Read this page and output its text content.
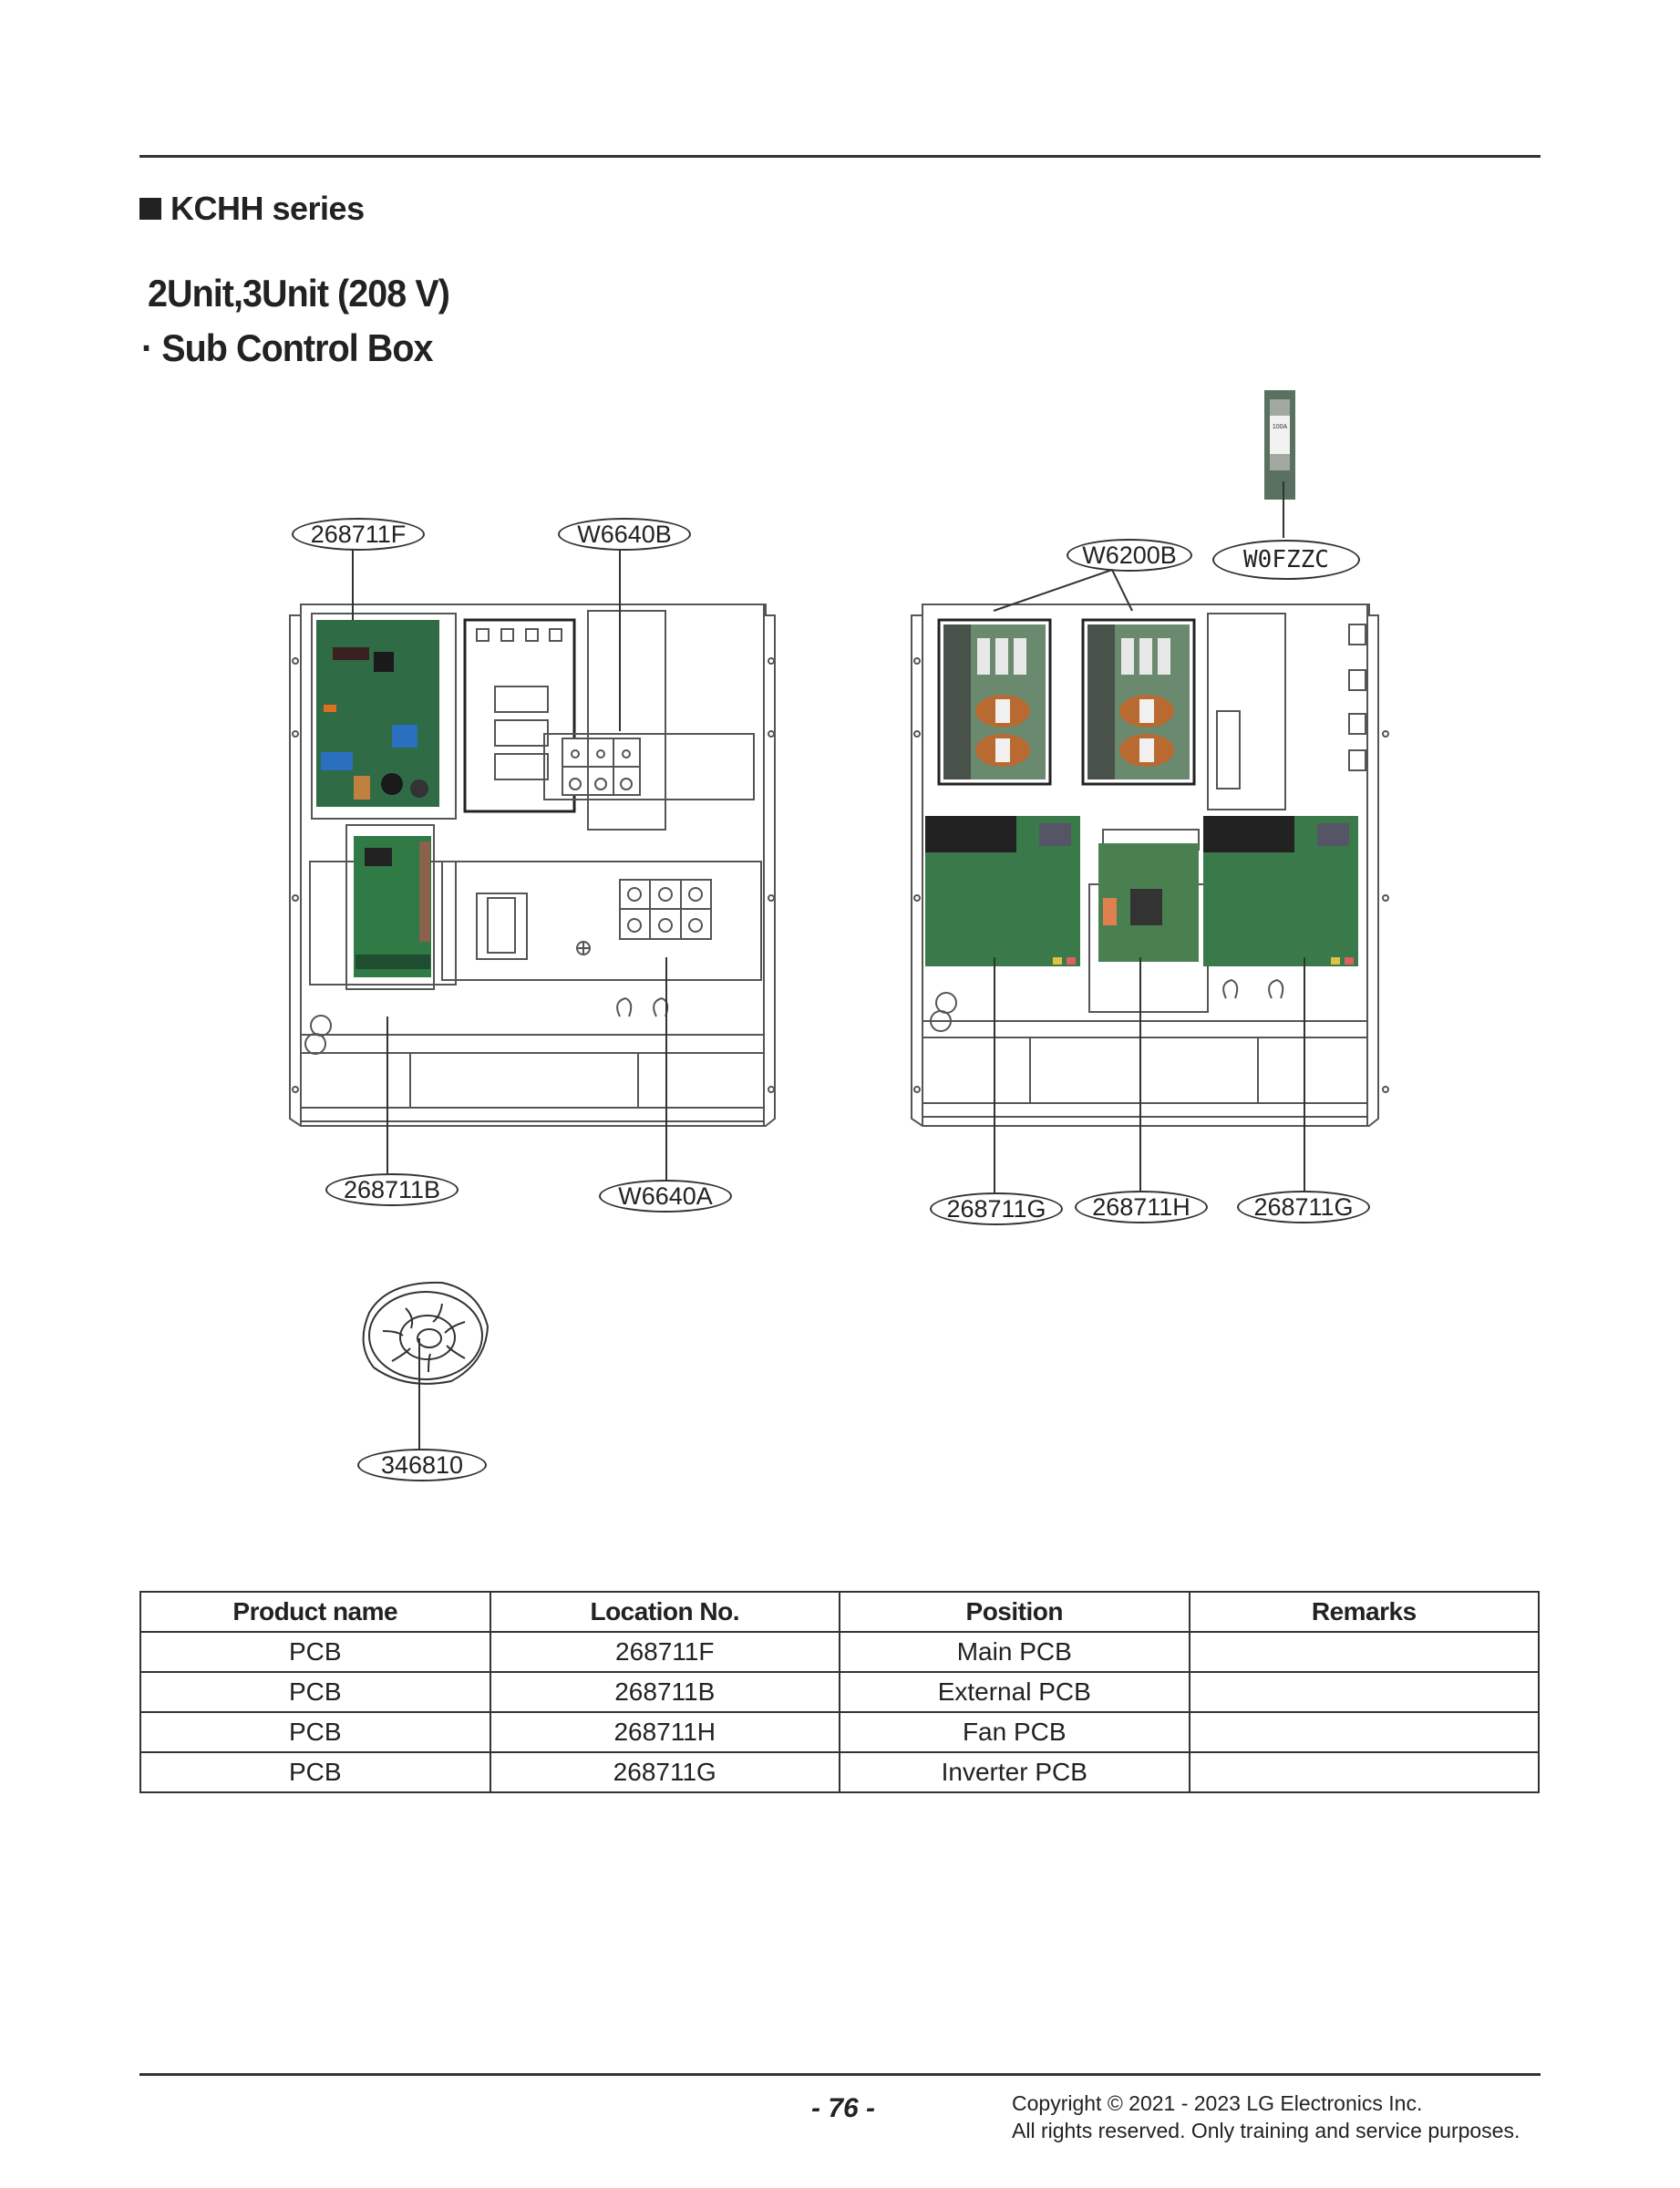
KCHH series
2Unit,3Unit (208 V)
· Sub Control Box
268711F	W6640B
268711B	W6640A
100A
W6200B	W0FZZC
268711G	268711H	268711G
346810
Product name	Location No.	Position	Remarks
PCB	268711F	Main PCB	
PCB	268711B	External PCB	
PCB	268711H	Fan PCB	
PCB	268711G	Inverter PCB	
- 76 -	Copyright © 2021 - 2023 LG Electronics Inc.
All rights reserved. Only training and service purposes.
